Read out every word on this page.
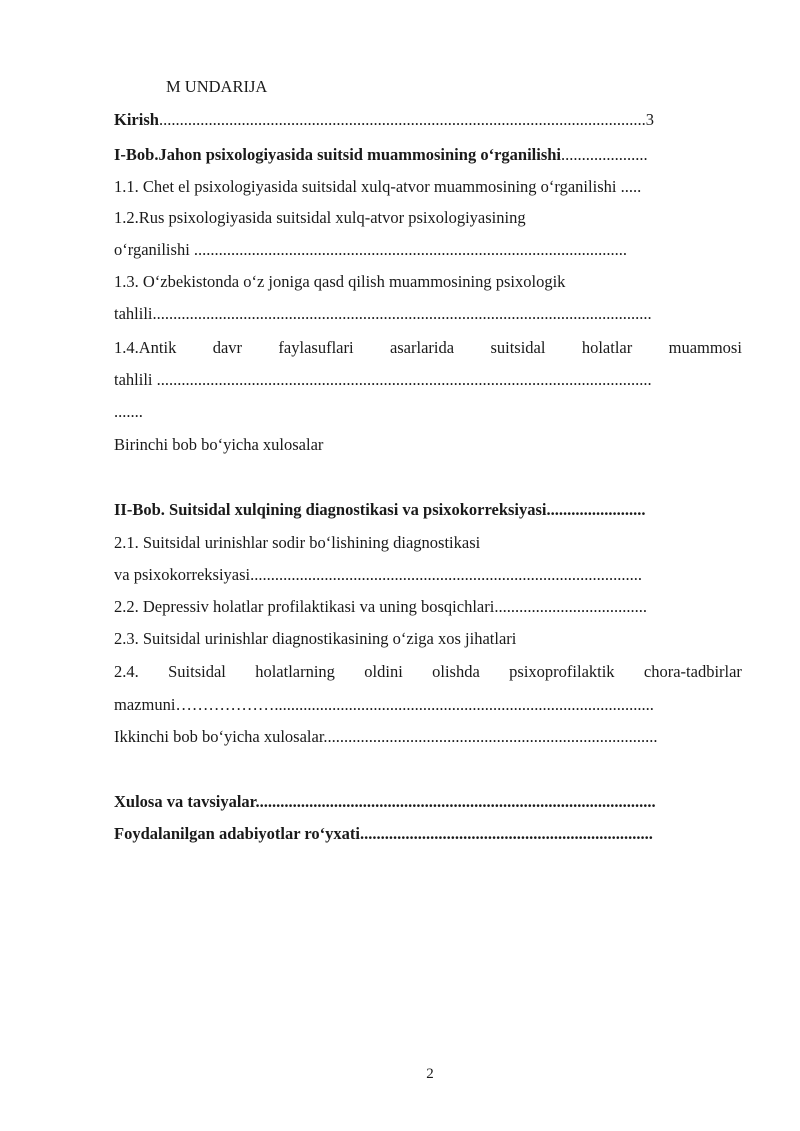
M UNDARIJA
Kirish......................................................................................................................3
I-Bob.Jahon psixologiyasida suitsid muammosining o‘rganilishi.....................
1.1. Chet el psixologiyasida suitsidal xulq-atvor muammosining o‘rganilishi .....
1.2.Rus psixologiyasida suitsidal xulq-atvor psixologiyasining
o‘rganilishi .........................................................................................................
1.3. O‘zbekistonda o‘z joniga qasd qilish muammosining psixologik
tahlili.........................................................................................................................
1.4.Antik davr faylasuflari asarlarida suitsidal holatlar muammosi
tahlili ........................................................................................................................
.......
Birinchi bob bo‘yicha xulosalar
II-Bob. Suitsidal xulqining diagnostikasi va psixokorreksiyasi........................
2.1. Suitsidal urinishlar sodir bo‘lishining diagnostikasi
va psixokorreksiyasi...............................................................................................
2.2. Depressiv holatlar profilaktikasi va uning bosqichlari.....................................
2.3. Suitsidal urinishlar diagnostikasining o‘ziga xos jihatlari
2.4. Suitsidal holatlarning oldini olishda psixoprofilaktik chora-tadbirlar
mazmuni………………............................................................................................
Ikkinchi bob bo‘yicha xulosalar.................................................................................
Xulosa va tavsiyalar.................................................................................................
Foydalanilgan adabiyotlar ro‘yxati.......................................................................
2
